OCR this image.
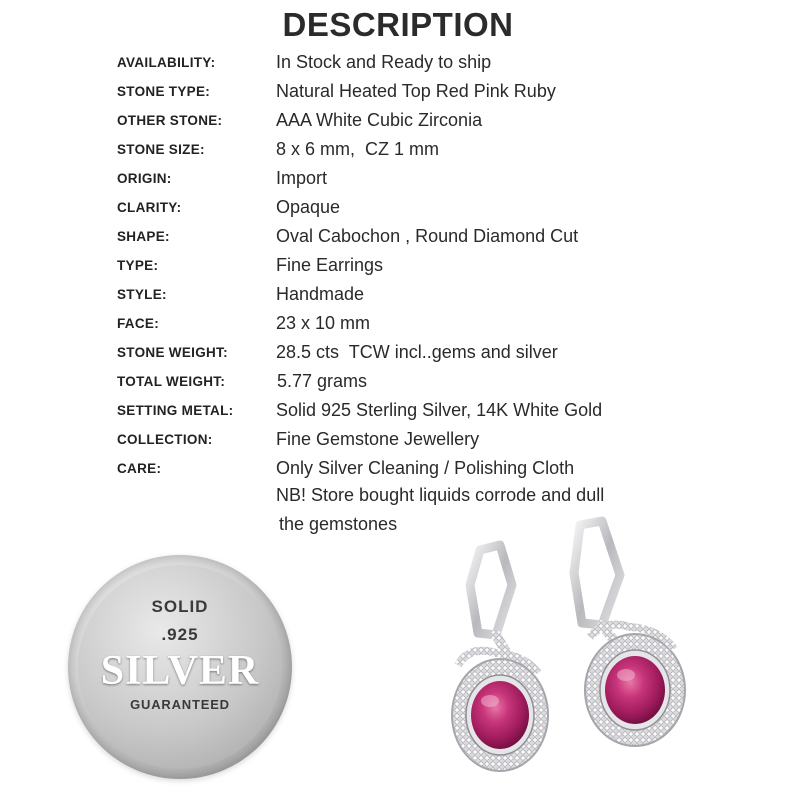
DESCRIPTION
AVAILABILITY:	In Stock and Ready to ship
STONE TYPE:	Natural Heated Top Red Pink Ruby
OTHER STONE:	AAA White Cubic Zirconia
STONE SIZE:	8 x 6 mm,  CZ 1 mm
ORIGIN:	Import
CLARITY:	Opaque
SHAPE:	Oval Cabochon , Round Diamond Cut
TYPE:	Fine Earrings
STYLE:	Handmade
FACE:	23 x 10 mm
STONE WEIGHT:	28.5 cts  TCW incl..gems and silver
TOTAL WEIGHT:	5.77 grams
SETTING METAL: Solid 925 Sterling Silver, 14K White Gold
COLLECTION:	Fine Gemstone Jewellery
CARE:	Only Silver Cleaning / Polishing Cloth
NB! Store bought liquids corrode and dull
the gemstones
SOLID
.925
SILVER
GUARANTEED
